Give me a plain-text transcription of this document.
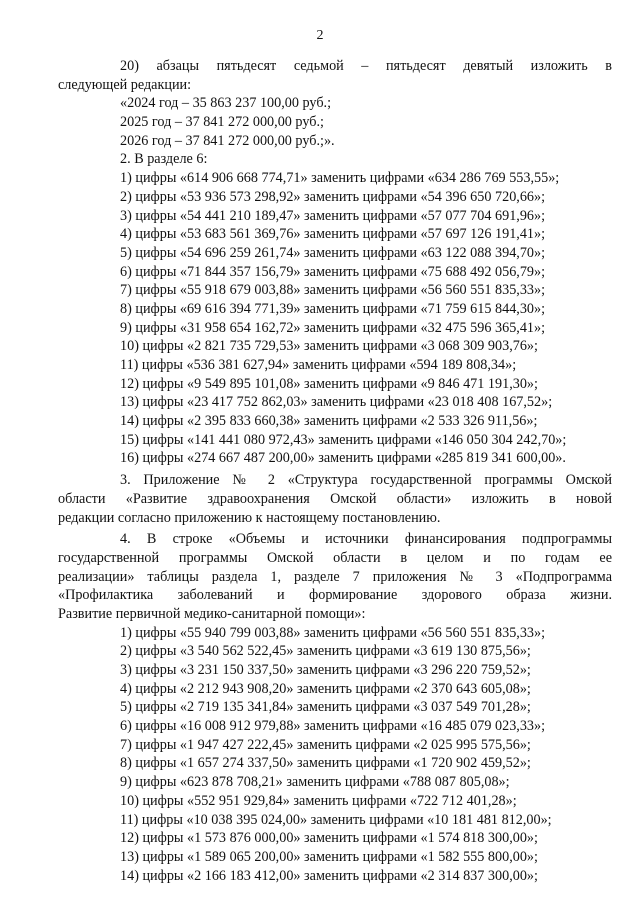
2
20) абзацы пятьдесят седьмой – пятьдесят девятый изложить в
следующей редакции:
«2024 год – 35 863 237 100,00 руб.;
2025 год – 37 841 272 000,00 руб.;
2026 год – 37 841 272 000,00 руб.;».
2. В разделе 6:
1) цифры «614 906 668 774,71» заменить цифрами «634 286 769 553,55»;
2) цифры «53 936 573 298,92» заменить цифрами «54 396 650 720,66»;
3) цифры «54 441 210 189,47» заменить цифрами «57 077 704 691,96»;
4) цифры «53 683 561 369,76» заменить цифрами «57 697 126 191,41»;
5) цифры «54 696 259 261,74» заменить цифрами «63 122 088 394,70»;
6) цифры «71 844 357 156,79» заменить цифрами «75 688 492 056,79»;
7) цифры «55 918 679 003,88» заменить цифрами «56 560 551 835,33»;
8) цифры «69 616 394 771,39» заменить цифрами «71 759 615 844,30»;
9) цифры «31 958 654 162,72» заменить цифрами «32 475 596 365,41»;
10) цифры «2 821 735 729,53» заменить цифрами «3 068 309 903,76»;
11) цифры «536 381 627,94» заменить цифрами «594 189 808,34»;
12) цифры «9 549 895 101,08» заменить цифрами «9 846 471 191,30»;
13) цифры «23 417 752 862,03» заменить цифрами «23 018 408 167,52»;
14) цифры «2 395 833 660,38» заменить цифрами «2 533 326 911,56»;
15) цифры «141 441 080 972,43» заменить цифрами «146 050 304 242,70»;
16) цифры «274 667 487 200,00» заменить цифрами «285 819 341 600,00».
3. Приложение № 2 «Структура государственной программы Омской
области «Развитие здравоохранения Омской области» изложить в новой
редакции согласно приложению к настоящему постановлению.
4. В строке «Объемы и источники финансирования подпрограммы
государственной программы Омской области в целом и по годам ее
реализации» таблицы раздела 1, разделе 7 приложения № 3 «Подпрограмма
«Профилактика заболеваний и формирование здорового образа жизни.
Развитие первичной медико-санитарной помощи»:
1) цифры «55 940 799 003,88» заменить цифрами «56 560 551 835,33»;
2) цифры «3 540 562 522,45» заменить цифрами «3 619 130 875,56»;
3) цифры «3 231 150 337,50» заменить цифрами «3 296 220 759,52»;
4) цифры «2 212 943 908,20» заменить цифрами «2 370 643 605,08»;
5) цифры «2 719 135 341,84» заменить цифрами «3 037 549 701,28»;
6) цифры «16 008 912 979,88» заменить цифрами «16 485 079 023,33»;
7) цифры «1 947 427 222,45» заменить цифрами «2 025 995 575,56»;
8) цифры «1 657 274 337,50» заменить цифрами «1 720 902 459,52»;
9) цифры «623 878 708,21» заменить цифрами «788 087 805,08»;
10) цифры «552 951 929,84» заменить цифрами «722 712 401,28»;
11) цифры «10 038 395 024,00» заменить цифрами «10 181 481 812,00»;
12) цифры «1 573 876 000,00» заменить цифрами «1 574 818 300,00»;
13) цифры «1 589 065 200,00» заменить цифрами «1 582 555 800,00»;
14) цифры «2 166 183 412,00» заменить цифрами «2 314 837 300,00»;
